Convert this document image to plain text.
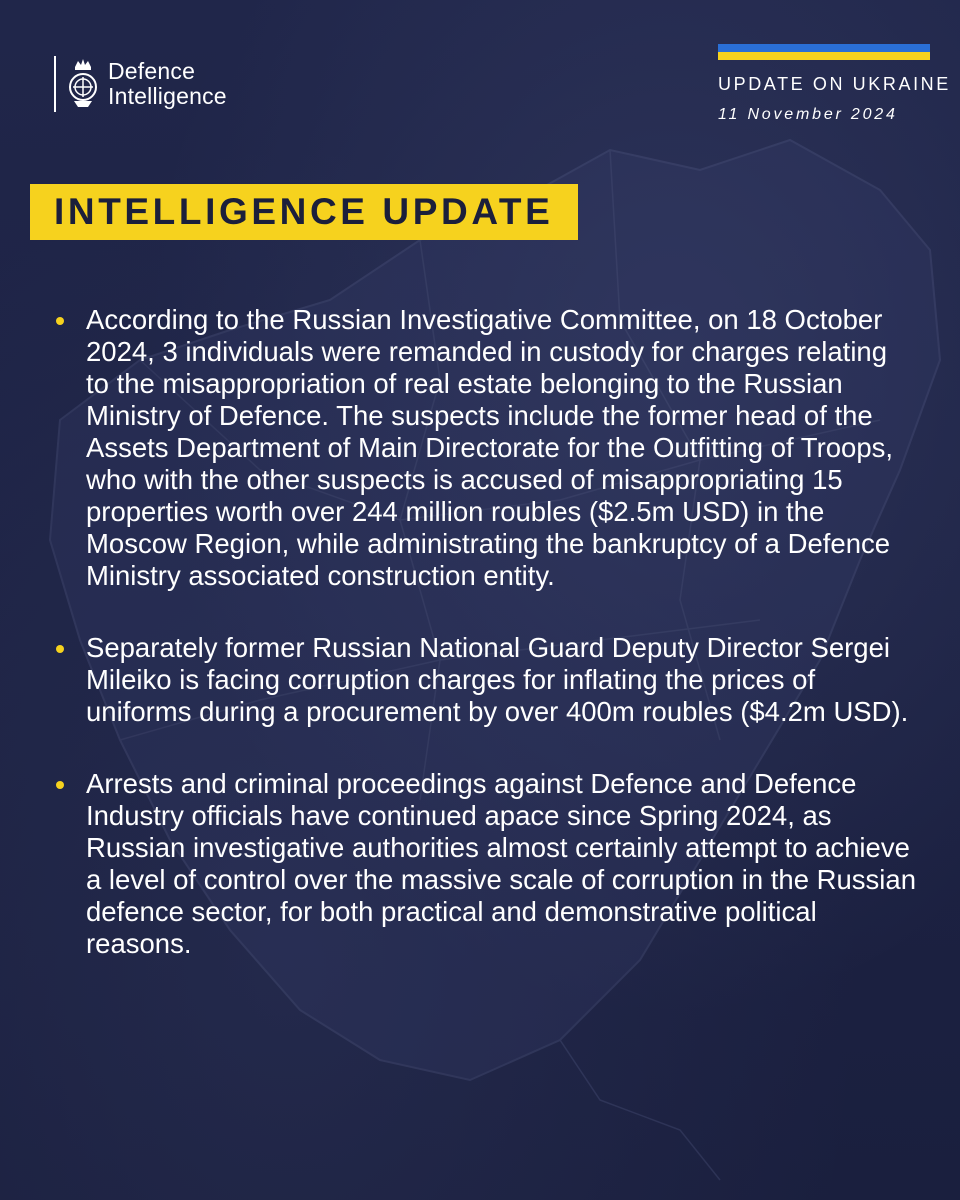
Defence
Intelligence	UPDATE ON UKRAINE
11 November 2024
INTELLIGENCE UPDATE
According to the Russian Investigative Committee, on 18 October 2024, 3 individuals were remanded in custody for charges relating to the misappropriation of real estate belonging to the Russian Ministry of Defence. The suspects include the former head of the Assets Department of Main Directorate for the Outfitting of Troops, who with the other suspects is accused of misappropriating 15 properties worth over 244 million roubles ($2.5m USD) in the Moscow Region, while administrating the bankruptcy of a Defence Ministry associated construction entity.
Separately former Russian National Guard Deputy Director Sergei Mileiko is facing corruption charges for inflating the prices of uniforms during a procurement by over 400m roubles ($4.2m USD).
Arrests and criminal proceedings against Defence and Defence Industry officials have continued apace since Spring 2024, as Russian investigative authorities almost certainly attempt to achieve a level of control over the massive scale of corruption in the Russian defence sector, for both practical and demonstrative political reasons.
